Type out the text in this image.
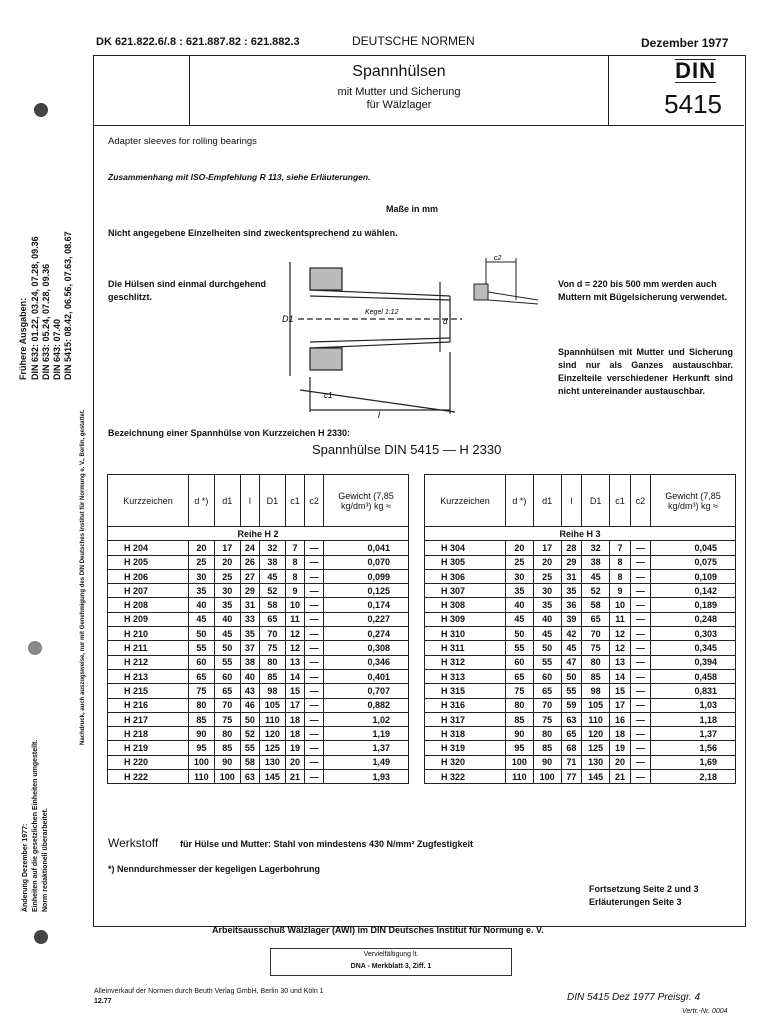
DK 621.822.6/.8 : 621.887.82 : 621.882.3	DEUTSCHE NORMEN	Dezember 1977
Spannhülsen
mit Mutter und Sicherung
für Wälzlager
DIN
5415
Adapter sleeves for rolling bearings
Zusammenhang mit ISO-Empfehlung R 113, siehe Erläuterungen.
Maße in mm
Nicht angegebene Einzelheiten sind zweckentsprechend zu wählen.
Die Hülsen sind einmal durchgehend geschlitzt.
D1
Kegel 1:12
l
c1
d
c2
Von d = 220 bis 500 mm werden auch Muttern mit Bügelsicherung verwendet.
Spannhülsen mit Mutter und Sicherung sind nur als Ganzes austauschbar. Einzelteile verschiedener Herkunft sind nicht untereinander austauschbar.
Bezeichnung einer Spannhülse von Kurzzeichen H 2330:
Spannhülse DIN 5415 — H 2330
Kurzzeichen	d *)	d1	l	D1	c1	c2	Gewicht (7,85 kg/dm³) kg ≈
Reihe H 2							
H 204	20	17	24	32	7	—	0,041
H 205	25	20	26	38	8	—	0,070
H 206	30	25	27	45	8	—	0,099
H 207	35	30	29	52	9	—	0,125
H 208	40	35	31	58	10	—	0,174
H 209	45	40	33	65	11	—	0,227
H 210	50	45	35	70	12	—	0,274
H 211	55	50	37	75	12	—	0,308
H 212	60	55	38	80	13	—	0,346
H 213	65	60	40	85	14	—	0,401
H 215	75	65	43	98	15	—	0,707
H 216	80	70	46	105	17	—	0,882
H 217	85	75	50	110	18	—	1,02
H 218	90	80	52	120	18	—	1,19
H 219	95	85	55	125	19	—	1,37
H 220	100	90	58	130	20	—	1,49
H 222	110	100	63	145	21	—	1,93
Kurzzeichen	d *)	d1	l	D1	c1	c2	Gewicht (7,85 kg/dm³) kg ≈
Reihe H 3							
H 304	20	17	28	32	7	—	0,045
H 305	25	20	29	38	8	—	0,075
H 306	30	25	31	45	8	—	0,109
H 307	35	30	35	52	9	—	0,142
H 308	40	35	36	58	10	—	0,189
H 309	45	40	39	65	11	—	0,248
H 310	50	45	42	70	12	—	0,303
H 311	55	50	45	75	12	—	0,345
H 312	60	55	47	80	13	—	0,394
H 313	65	60	50	85	14	—	0,458
H 315	75	65	55	98	15	—	0,831
H 316	80	70	59	105	17	—	1,03
H 317	85	75	63	110	16	—	1,18
H 318	90	80	65	120	18	—	1,37
H 319	95	85	68	125	19	—	1,56
H 320	100	90	71	130	20	—	1,69
H 322	110	100	77	145	21	—	2,18
Werkstoff für Hülse und Mutter: Stahl von mindestens 430 N/mm² Zugfestigkeit
*) Nenndurchmesser der kegeligen Lagerbohrung
Fortsetzung Seite 2 und 3
Erläuterungen Seite 3
Arbeitsausschuß Wälzlager (AWl) im DIN Deutsches Institut für Normung e. V.
Vervielfältigung lt.
DNA - Merkblatt 3, Ziff. 1
Alleinverkauf der Normen durch Beuth Verlag GmbH, Berlin 30 und Köln 1
12.77	DIN 5415 Dez 1977 Preisgr. 4
Vertr.-Nr. 0004
Frühere Ausgaben: DIN 632: 01.22, 03.24, 07.28, 09.36 DIN 633: 05.24, 07.28, 09.36 DIN 643: 07.40 DIN 5415: 08.42, 06.56, 07.63, 08.67
Nachdruck, auch auszugsweise, nur mit Genehmigung des DIN Deutsches Institut für Normung e. V., Berlin, gestattet.
Änderung Dezember 1977: Einheiten auf die gesetzlichen Einheiten umgestellt. Norm redaktionell überarbeitet.
